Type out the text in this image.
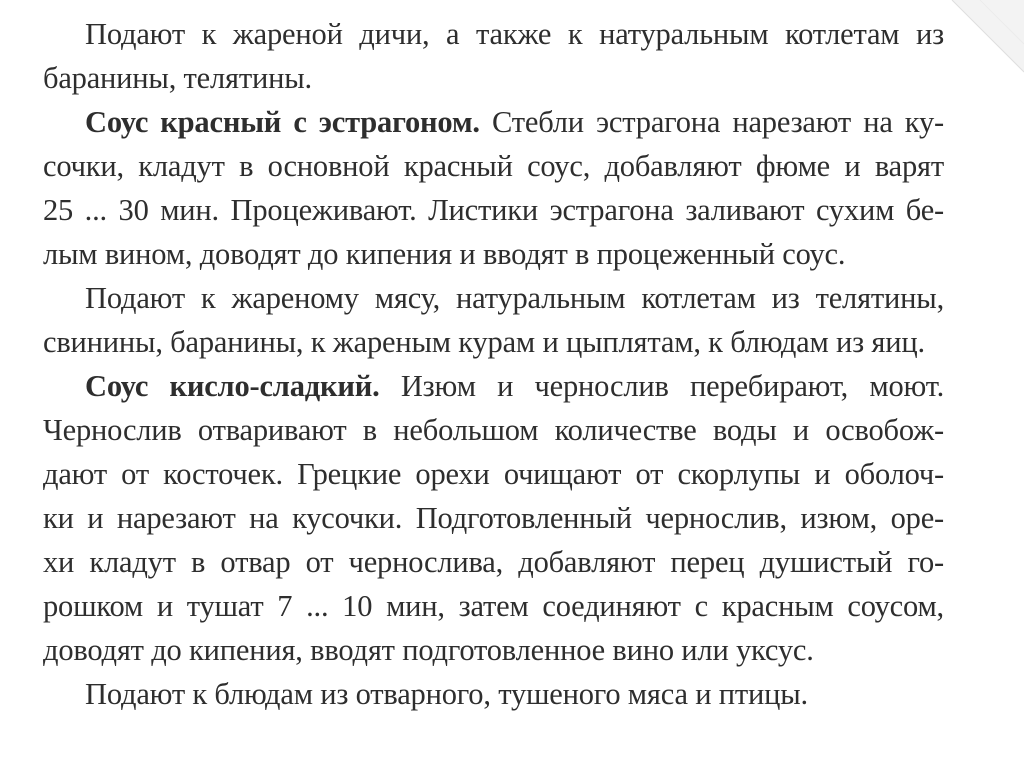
Подают к жареной дичи, а также к натуральным котлетам из
баранины, телятины.
Соус красный с эстрагоном. Стебли эстрагона нарезают на ку-
сочки, кладут в основной красный соус, добавляют фюме и варят
25 ... 30 мин. Процеживают. Листики эстрагона заливают сухим бе-
лым вином, доводят до кипения и вводят в процеженный соус.
Подают к жареному мясу, натуральным котлетам из телятины,
свинины, баранины, к жареным курам и цыплятам, к блюдам из яиц.
Соус кисло-сладкий. Изюм и чернослив перебирают, моют.
Чернослив отваривают в небольшом количестве воды и освобож-
дают от косточек. Грецкие орехи очищают от скорлупы и оболоч-
ки и нарезают на кусочки. Подготовленный чернослив, изюм, оре-
хи кладут в отвар от чернослива, добавляют перец душистый го-
рошком и тушат 7 ... 10 мин, затем соединяют с красным соусом,
доводят до кипения, вводят подготовленное вино или уксус.
Подают к блюдам из отварного, тушеного мяса и птицы.
